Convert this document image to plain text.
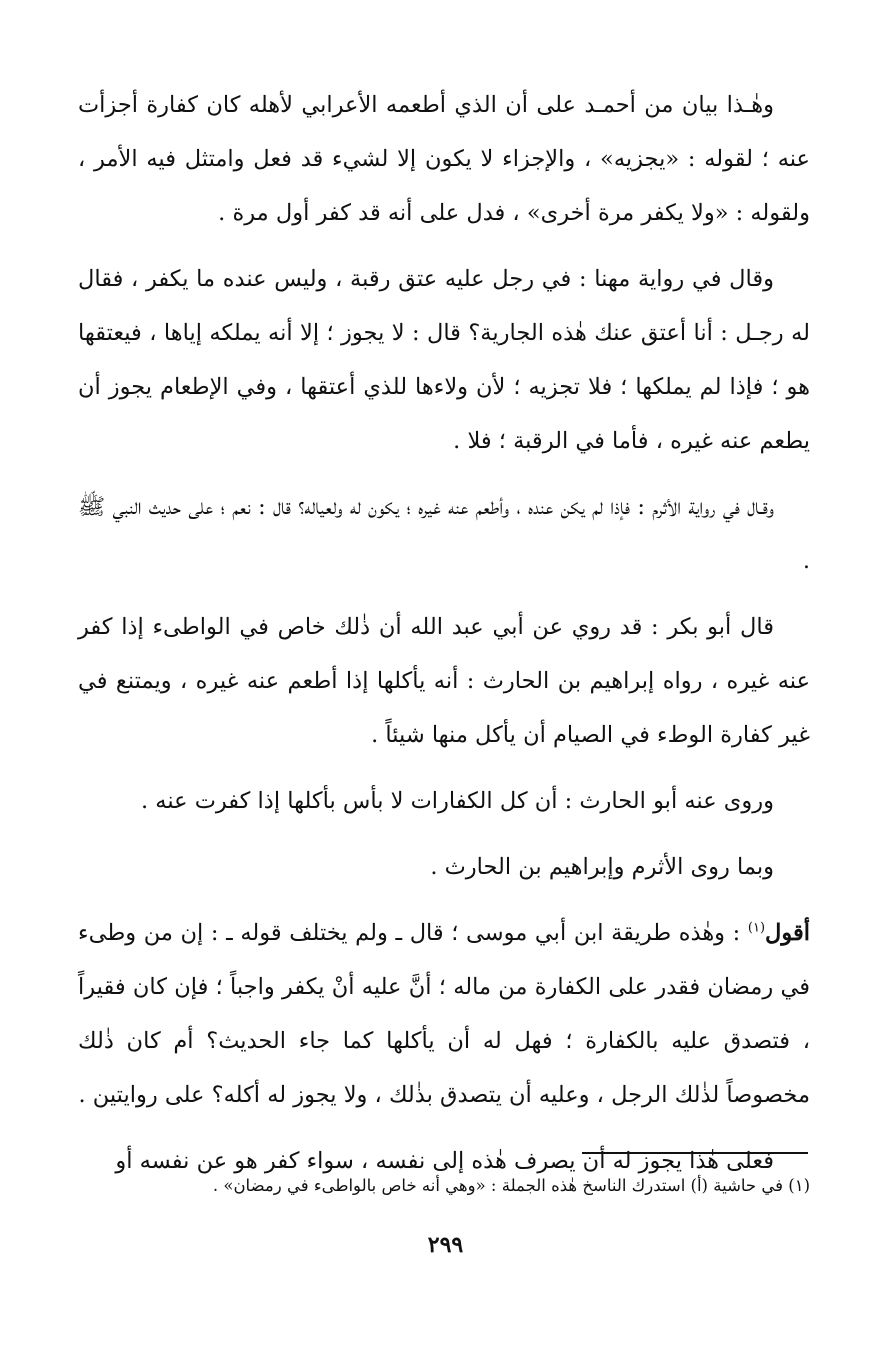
وهٰـذا بيان من أحمـد على أن الذي أطعمه الأعرابي لأهله كان كفارة أجزأت عنه ؛ لقوله : «يجزيه» ، والإجزاء لا يكون إلا لشيء قد فعل وامتثل فيه الأمر ، ولقوله : «ولا يكفر مرة أخرى» ، فدل على أنه قد كفر أول مرة .

وقال في رواية مهنا : في رجل عليه عتق رقبة ، وليس عنده ما يكفر ، فقال له رجـل : أنا أعتق عنك هٰذه الجارية؟ قال : لا يجوز ؛ إلا أنه يملكه إياها ، فيعتقها هو ؛ فإذا لم يملكها ؛ فلا تجزيه ؛ لأن ولاءها للذي أعتقها ، وفي الإطعام يجوز أن يطعم عنه غيره ، فأما في الرقبة ؛ فلا .

وقـال في رواية الأثرم : فإذا لم يكن عنده ، وأطعم عنه غيره ؛ يكون له ولعياله؟ قال : نعم ؛ على حديث النبي ﷺ .

قال أبو بكر : قد روي عن أبي عبد الله أن ذٰلك خاص في الواطىء إذا كفر عنه غيره ، رواه إبراهيم بن الحارث : أنه يأكلها إذا أطعم عنه غيره ، ويمتنع في غير كفارة الوطء في الصيام أن يأكل منها شيئاً .

وروى عنه أبو الحارث : أن كل الكفارات لا بأس بأكلها إذا كفرت عنه .

وبما روى الأثرم وإبراهيم بن الحارث .

أقول$^{(١)}$ : وهٰذه طريقة ابن أبي موسى ؛ قال ـ ولم يختلف قوله ـ : إن من وطىء في رمضان فقدر على الكفارة من ماله ؛ أنَّ عليه أنْ يكفر واجباً ؛ فإن كان فقيراً ، فتصدق عليه بالكفارة ؛ فهل له أن يأكلها كما جاء الحديث؟ أم كان ذٰلك مخصوصاً لذٰلك الرجل ، وعليه أن يتصدق بذٰلك ، ولا يجوز له أكله؟ على روايتين .

فعلى هٰذا يجوز له أن يصرف هٰذه إلى نفسه ، سواء كفر هو عن نفسه أو

(١) في حاشية (أ) استدرك الناسخ هٰذه الجملة : «وهي أنه خاص بالواطىء في رمضان» .
٢٩٩
